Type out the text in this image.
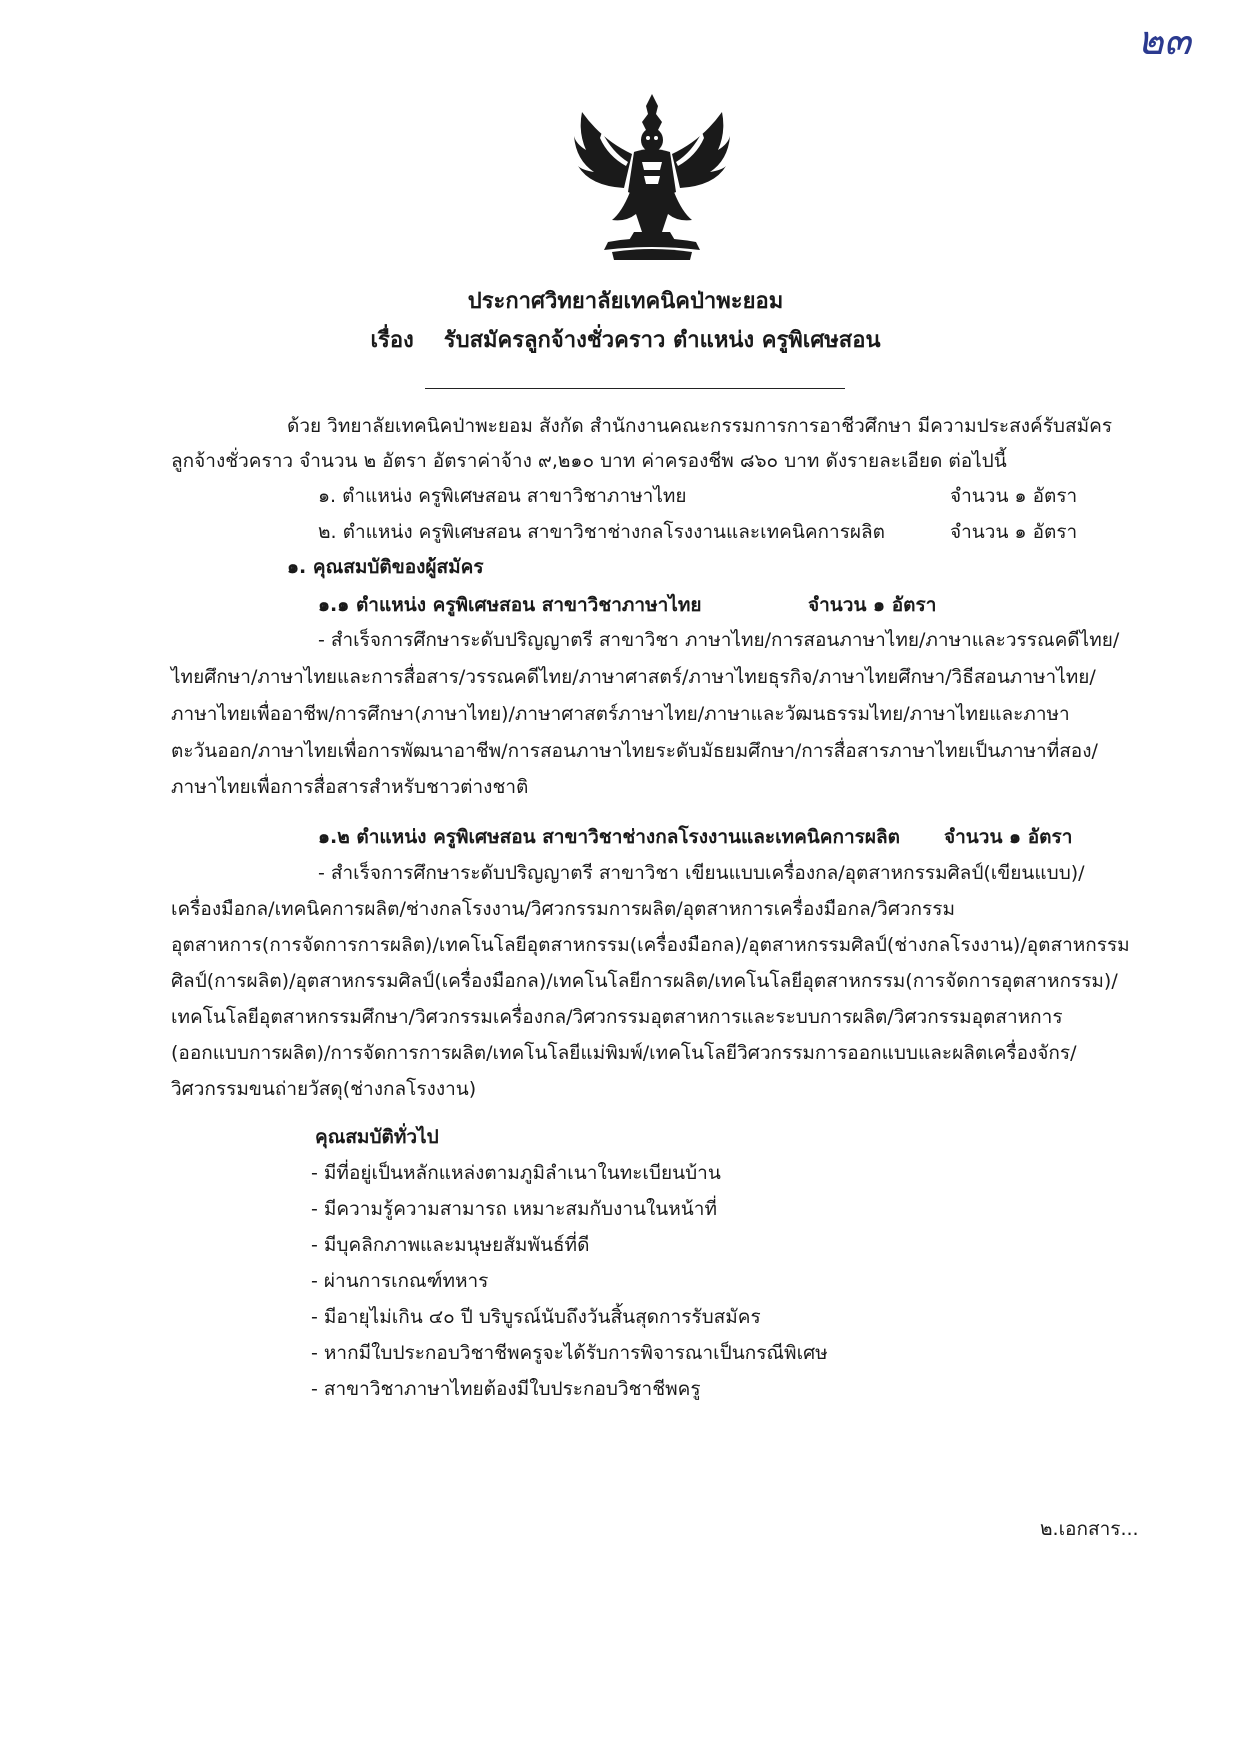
๒๓
ประกาศวิทยาลัยเทคนิคป่าพะยอม
เรื่อง รับสมัครลูกจ้างชั่วคราว ตำแหน่ง ครูพิเศษสอน
ด้วย วิทยาลัยเทคนิคป่าพะยอม สังกัด สำนักงานคณะกรรมการการอาชีวศึกษา มีความประสงค์รับสมัคร
ลูกจ้างชั่วคราว จำนวน ๒ อัตรา อัตราค่าจ้าง ๙,๒๑๐ บาท ค่าครองชีพ ๘๖๐ บาท ดังรายละเอียด ต่อไปนี้
๑. ตำแหน่ง ครูพิเศษสอน สาขาวิชาภาษาไทย	จำนวน ๑ อัตรา
๒. ตำแหน่ง ครูพิเศษสอน สาขาวิชาช่างกลโรงงานและเทคนิคการผลิต	จำนวน ๑ อัตรา
๑. คุณสมบัติของผู้สมัคร
๑.๑ ตำแหน่ง ครูพิเศษสอน สาขาวิชาภาษาไทย	จำนวน ๑ อัตรา
- สำเร็จการศึกษาระดับปริญญาตรี สาขาวิชา ภาษาไทย/การสอนภาษาไทย/ภาษาและวรรณคดีไทย/
ไทยศึกษา/ภาษาไทยและการสื่อสาร/วรรณคดีไทย/ภาษาศาสตร์/ภาษาไทยธุรกิจ/ภาษาไทยศึกษา/วิธีสอนภาษาไทย/
ภาษาไทยเพื่ออาชีพ/การศึกษา(ภาษาไทย)/ภาษาศาสตร์ภาษาไทย/ภาษาและวัฒนธรรมไทย/ภาษาไทยและภาษา
ตะวันออก/ภาษาไทยเพื่อการพัฒนาอาชีพ/การสอนภาษาไทยระดับมัธยมศึกษา/การสื่อสารภาษาไทยเป็นภาษาที่สอง/
ภาษาไทยเพื่อการสื่อสารสำหรับชาวต่างชาติ
๑.๒ ตำแหน่ง ครูพิเศษสอน สาขาวิชาช่างกลโรงงานและเทคนิคการผลิต จำนวน ๑ อัตรา
- สำเร็จการศึกษาระดับปริญญาตรี สาขาวิชา เขียนแบบเครื่องกล/อุตสาหกรรมศิลป์(เขียนแบบ)/
เครื่องมือกล/เทคนิคการผลิต/ช่างกลโรงงาน/วิศวกรรมการผลิต/อุตสาหการเครื่องมือกล/วิศวกรรม
อุตสาหการ(การจัดการการผลิต)/เทคโนโลยีอุตสาหกรรม(เครื่องมือกล)/อุตสาหกรรมศิลป์(ช่างกลโรงงาน)/อุตสาหกรรม
ศิลป์(การผลิต)/อุตสาหกรรมศิลป์(เครื่องมือกล)/เทคโนโลยีการผลิต/เทคโนโลยีอุตสาหกรรม(การจัดการอุตสาหกรรม)/
เทคโนโลยีอุตสาหกรรมศึกษา/วิศวกรรมเครื่องกล/วิศวกรรมอุตสาหการและระบบการผลิต/วิศวกรรมอุตสาหการ
(ออกแบบการผลิต)/การจัดการการผลิต/เทคโนโลยีแม่พิมพ์/เทคโนโลยีวิศวกรรมการออกแบบและผลิตเครื่องจักร/
วิศวกรรมขนถ่ายวัสดุ(ช่างกลโรงงาน)
คุณสมบัติทั่วไป
- มีที่อยู่เป็นหลักแหล่งตามภูมิลำเนาในทะเบียนบ้าน
- มีความรู้ความสามารถ เหมาะสมกับงานในหน้าที่
- มีบุคลิกภาพและมนุษยสัมพันธ์ที่ดี
- ผ่านการเกณฑ์ทหาร
- มีอายุไม่เกิน ๔๐ ปี บริบูรณ์นับถึงวันสิ้นสุดการรับสมัคร
- หากมีใบประกอบวิชาชีพครูจะได้รับการพิจารณาเป็นกรณีพิเศษ
- สาขาวิชาภาษาไทยต้องมีใบประกอบวิชาชีพครู
๒.เอกสาร...
